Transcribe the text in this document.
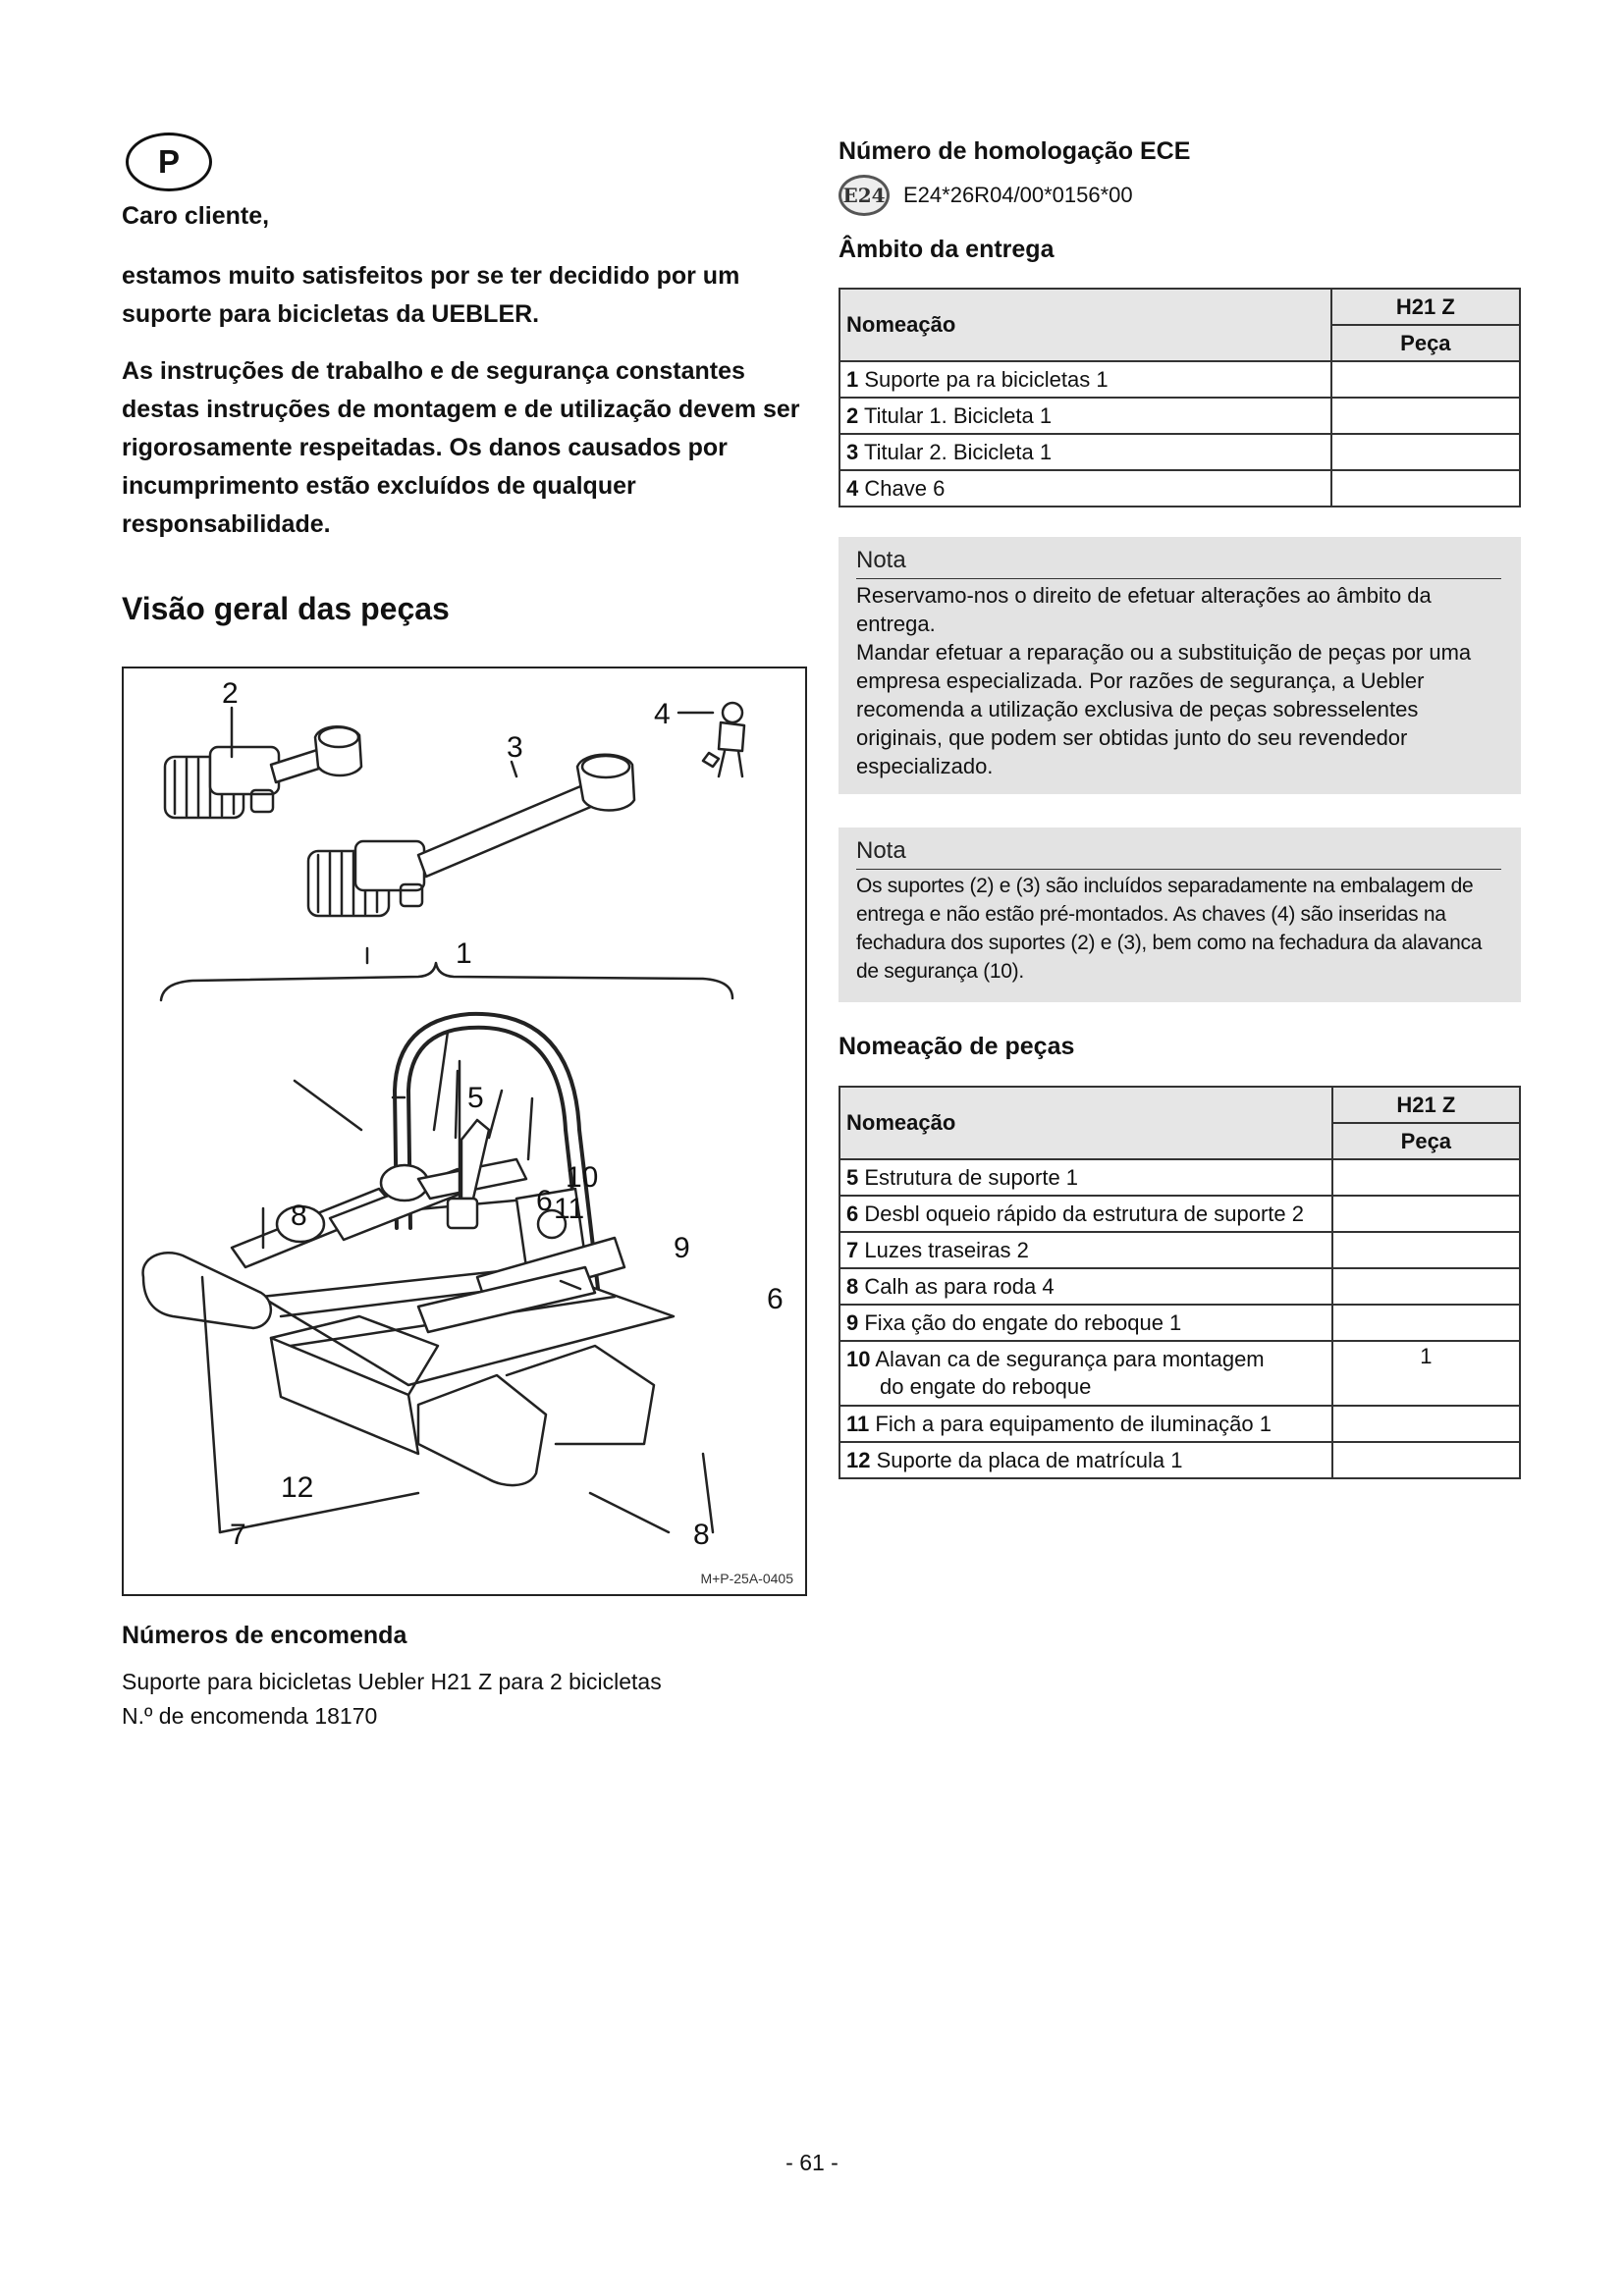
P
Caro cliente,
estamos muito satisfeitos por se ter decidido por um suporte para bicicletas da UEBLER.
As instruções de trabalho e de segurança constantes destas instruções de montagem e de utilização devem ser rigorosamente respeitadas. Os danos causados por incumprimento estão excluídos de qualquer responsabilidade.
Visão geral das peças
2
3
4
1
5
6
10
11
8
9
6
12
7	8
M+P-25A-0405
Números de encomenda
Suporte para bicicletas Uebler H21 Z para 2 bicicletas
N.º de encomenda 18170
Número de homologação ECE
E24 E24*26R04/00*0156*00
Âmbito da entrega
Nomeação	H21 Z
	Peça
1 Suporte pa ra bicicletas 1	
2 Titular 1. Bicicleta 1	
3 Titular 2. Bicicleta 1	
4 Chave 6	
Nota
Reservamo-nos o direito de efetuar alterações ao âmbito da entrega.
Mandar efetuar a reparação ou a substituição de peças por uma empresa especializada. Por razões de segurança, a Uebler recomenda a utilização exclusiva de peças sobresselentes originais, que podem ser obtidas junto do seu revendedor especializado.
Nota
Os suportes (2) e (3) são incluídos separadamente na embalagem de entrega e não estão pré-montados. As chaves (4) são inseridas na fechadura dos suportes (2) e (3), bem como na fechadura da alavanca de segurança (10).
Nomeação de peças
Nomeação	H21 Z
	Peça
5 Estrutura de suporte 1	
6 Desbl oqueio rápido da estrutura de suporte 2	
7 Luzes traseiras 2	
8 Calh as para roda 4	
9 Fixa ção do engate do reboque 1	
10 Alavan ca de segurança para montagem
do engate do reboque	1
11 Fich a para equipamento de iluminação 1	
12 Suporte da placa de matrícula 1	
- 61 -
